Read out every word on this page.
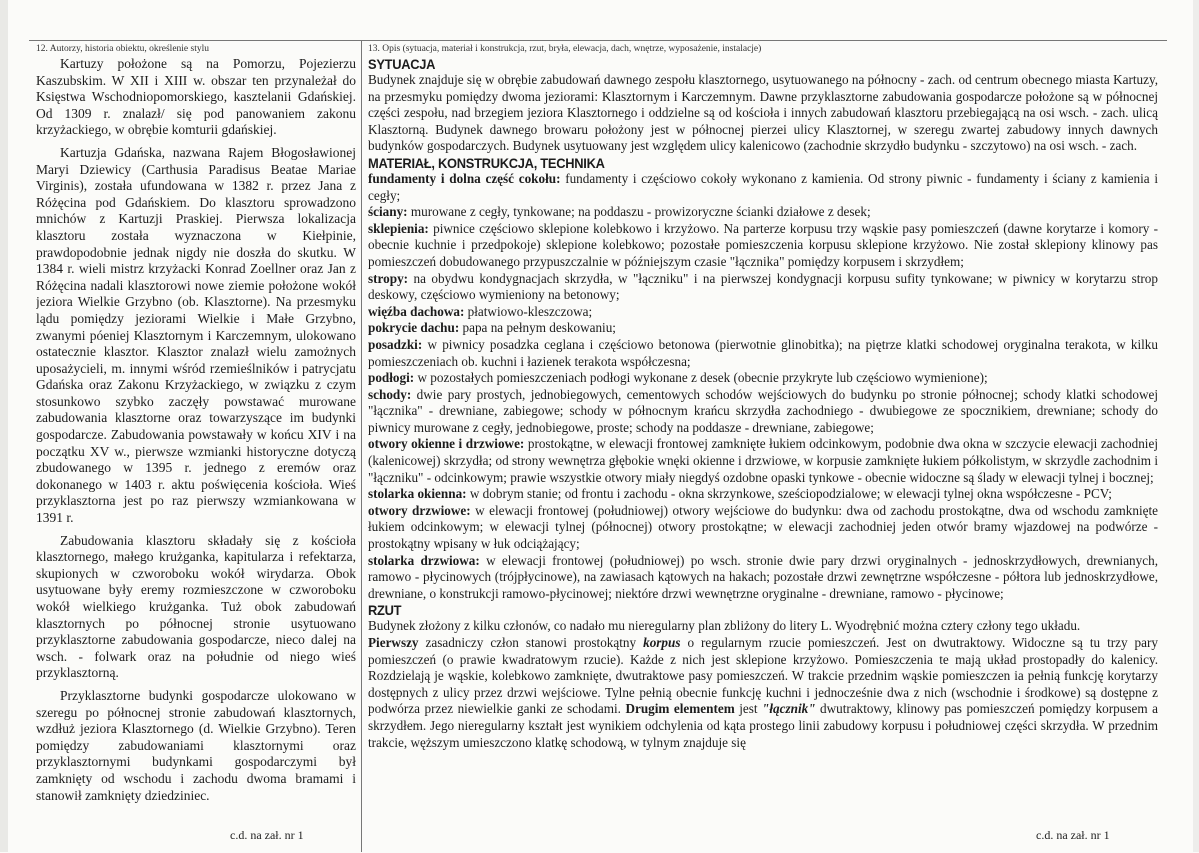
12. Autorzy, historia obiektu, określenie stylu

Kartuzy położone są na Pomorzu, Pojezierzu Kaszubskim. W XII i XIII w. obszar ten przynależał do Księstwa Wschodniopomorskiego, kasztelanii Gdańskiej. Od 1309 r. znalazł/ się pod panowaniem zakonu krzyżackiego, w obrębie komturii gdańskiej.

Kartuzja Gdańska, nazwana Rajem Błogosławionej Maryi Dziewicy (Carthusia Paradisus Beatae Mariae Virginis), została ufundowana w 1382 r. przez Jana z Różęcina pod Gdańskiem. Do klasztoru sprowadzono mnichów z Kartuzji Praskiej. Pierwsza lokalizacja klasztoru została wyznaczona w Kiełpinie, prawdopodobnie jednak nigdy nie doszła do skutku. W 1384 r. wieli mistrz krzyżacki Konrad Zoellner oraz Jan z Różęcina nadali klasztorowi nowe ziemie położone wokół jeziora Wielkie Grzybno (ob. Klasztorne). Na przesmyku lądu pomiędzy jeziorami Wielkie i Małe Grzybno, zwanymi póeniej Klasztornym i Karczemnym, ulokowano ostatecznie klasztor. Klasztor znalazł wielu zamożnych uposażycieli, m. innymi wśród rzemieślników i patrycjatu Gdańska oraz Zakonu Krzyżackiego, w związku z czym stosunkowo szybko zaczęły powstawać murowane zabudowania klasztorne oraz towarzyszące im budynki gospodarcze. Zabudowania powstawały w końcu XIV i na początku XV w., pierwsze wzmianki historyczne dotyczą zbudowanego w 1395 r. jednego z eremów oraz dokonanego w 1403 r. aktu poświęcenia kościoła. Wieś przyklasztorna jest po raz pierwszy wzmiankowana w 1391 r.

Zabudowania klasztoru składały się z kościoła klasztornego, małego krużganka, kapitularza i refektarza, skupionych w czworoboku wokół wirydarza. Obok usytuowane były eremy rozmieszczone w czworoboku wokół wielkiego krużganka. Tuż obok zabudowań klasztornych po północnej stronie usytuowano przyklasztorne zabudowania gospodarcze, nieco dalej na wsch. - folwark oraz na południe od niego wieś przyklasztorną.

Przyklasztorne budynki gospodarcze ulokowano w szeregu po północnej stronie zabudowań klasztornych, wzdłuż jeziora Klasztornego (d. Wielkie Grzybno). Teren pomiędzy zabudowaniami klasztornymi oraz przyklasztornymi budynkami gospodarczymi był zamknięty od wschodu i zachodu dwoma bramami i stanowił zamknięty dziedziniec.

c.d. na zał. nr 1
13. Opis (sytuacja, materiał i konstrukcja, rzut, bryła, elewacja, dach, wnętrze, wyposażenie, instalacje)
SYTUACJA

Budynek znajduje się w obrębie zabudowań dawnego zespołu klasztornego, usytuowanego na północny - zach. od centrum obecnego miasta Kartuzy, na przesmyku pomiędzy dwoma jeziorami: Klasztornym i Karczemnym. Dawne przyklasztorne zabudowania gospodarcze położone są w północnej części zespołu, nad brzegiem jeziora Klasztornego i oddzielne są od kościoła i innych zabudowań klasztoru przebiegającą na osi wsch. - zach. ulicą Klasztorną. Budynek dawnego browaru położony jest w północnej pierzei ulicy Klasztornej, w szeregu zwartej zabudowy innych dawnych budynków gospodarczych. Budynek usytuowany jest względem ulicy kalenicowo (zachodnie skrzydło budynku - szczytowo) na osi wsch. - zach.

MATERIAŁ, KONSTRUKCJA, TECHNIKA

fundamenty i dolna część cokołu: fundamenty i częściowo cokoły wykonano z kamienia. Od strony piwnic - fundamenty i ściany z kamienia i cegły;

ściany: murowane z cegły, tynkowane; na poddaszu - prowizoryczne ścianki działowe z desek;

sklepienia: piwnice częściowo sklepione kolebkowo i krzyżowo. Na parterze korpusu trzy wąskie pasy pomieszczeń (dawne korytarze i komory - obecnie kuchnie i przedpokoje) sklepione kolebkowo; pozostałe pomieszczenia korpusu sklepione krzyżowo. Nie został sklepiony klinowy pas pomieszczeń dobudowanego przypuszczalnie w późniejszym czasie "łącznika" pomiędzy korpusem i skrzydłem;

stropy: na obydwu kondygnacjach skrzydła, w "łączniku" i na pierwszej kondygnacji korpusu sufity tynkowane; w piwnicy w korytarzu strop deskowy, częściowo wymieniony na betonowy;

więźba dachowa: płatwiowo-kleszczowa;

pokrycie dachu: papa na pełnym deskowaniu;

posadzki: w piwnicy posadzka ceglana i częściowo betonowa (pierwotnie glinobitka); na piętrze klatki schodowej oryginalna terakota, w kilku pomieszczeniach ob. kuchni i łazienek terakota współczesna;

podłogi: w pozostałych pomieszczeniach podłogi wykonane z desek (obecnie przykryte lub częściowo wymienione);

schody: dwie pary prostych, jednobiegowych, cementowych schodów wejściowych do budynku po stronie północnej; schody klatki schodowej "łącznika" - drewniane, zabiegowe; schody w północnym krańcu skrzydła zachodniego - dwubiegowe ze spocznikiem, drewniane; schody do piwnicy murowane z cegły, jednobiegowe, proste; schody na poddasze - drewniane, zabiegowe;

otwory okienne i drzwiowe: prostokątne, w elewacji frontowej zamknięte łukiem odcinkowym, podobnie dwa okna w szczycie elewacji zachodniej (kalenicowej) skrzydła; od strony wewnętrza głębokie wnęki okienne i drzwiowe, w korpusie zamknięte łukiem półkolistym, w skrzydle zachodnim i "łączniku" - odcinkowym; prawie wszystkie otwory miały niegdyś ozdobne opaski tynkowe - obecnie widoczne są ślady w elewacji tylnej i bocznej;

stolarka okienna: w dobrym stanie; od frontu i zachodu - okna skrzynkowe, sześciopodzialowe; w elewacji tylnej okna współczesne - PCV;

otwory drzwiowe: w elewacji frontowej (południowej) otwory wejściowe do budynku: dwa od zachodu prostokątne, dwa od wschodu zamknięte łukiem odcinkowym; w elewacji tylnej (północnej) otwory prostokątne; w elewacji zachodniej jeden otwór bramy wjazdowej na podwórze - prostokątny wpisany w łuk odciążający;

stolarka drzwiowa: w elewacji frontowej (południowej) po wsch. stronie dwie pary drzwi oryginalnych - jednoskrzydłowych, drewnianych, ramowo - płycinowych (trójpłycinowe), na zawiasach kątowych na hakach; pozostałe drzwi zewnętrzne współczesne - półtora lub jednoskrzydłowe, drewniane, o konstrukcji ramowo-płycinowej; niektóre drzwi wewnętrzne oryginalne - drewniane, ramowo - płycinowe;

RZUT

Budynek złożony z kilku członów, co nadało mu nieregularny plan zbliżony do litery L. Wyodrębnić można cztery człony tego układu.

Pierwszy zasadniczy człon stanowi prostokątny korpus o regularnym rzucie pomieszczeń. Jest on dwutraktowy. Widoczne są tu trzy pary pomieszczeń (o prawie kwadratowym rzucie). Każde z nich jest sklepione krzyżowo. Pomieszczenia te mają układ prostopadły do kalenicy. Rozdzielają je wąskie, kolebkowo zamknięte, dwutraktowe pasy pomieszczeń. W trakcie przednim wąskie pomieszczen ia pełnią funkcję korytarzy dostępnych z ulicy przez drzwi wejściowe. Tylne pełnią obecnie funkcję kuchni i jednocześnie dwa z nich (wschodnie i środkowe) są dostępne z podwórza przez niewielkie ganki ze schodami. Drugim elementem jest "łącznik" dwutraktowy, klinowy pas pomieszczeń pomiędzy korpusem a skrzydłem. Jego nieregularny kształt jest wynikiem odchylenia od kąta prostego linii zabudowy korpusu i południowej części skrzydła. W przednim trakcie, węższym umieszczono klatkę schodową, w tylnym znajduje się

c.d. na zał. nr 1
